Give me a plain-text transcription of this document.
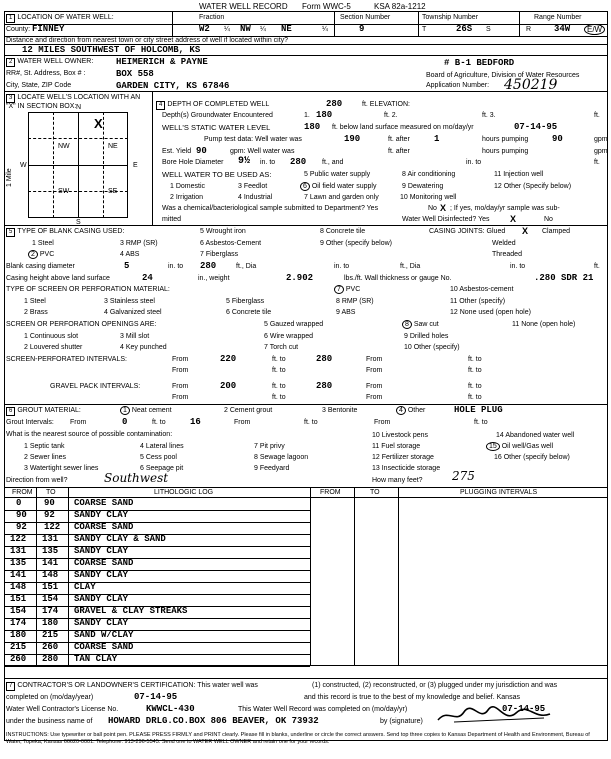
WATER WELL RECORD Form WWC-5	KSA 82a-1212
1 LOCATION OF WATER WELL:
County: FINNEY
Fraction
W2 ¼ NW ¼ NE	¼
Section Number
9
Township Number
T	26S S
Range Number
R	34W	E/W
Distance and direction from nearest town or city street address of well if located within city?
12 MILES SOUTHWEST OF HOLCOMB, KS
2 WATER WELL OWNER:	HEIMERICH & PAYNE
RR#, St. Address, Box # :	BOX 558
City, State, ZIP Code	GARDEN CITY, KS 67846
# B-1 BEDFORD
Board of Agriculture, Division of Water Resources
Application Number: 450219
3 LOCATE WELL'S LOCATION WITH AN "X" IN SECTION BOX: N
S
E
W
NW	NE
SW	SE
X
1 Mile
4 DEPTH OF COMPLETED WELL	280	ft. ELEVATION:
Depth(s) Groundwater Encountered	1. 180	ft. 2.	ft. 3.	ft.
WELL'S STATIC WATER LEVEL	180 ft. below land surface measured on mo/day/yr	07-14-95
Pump test data: Well water was	190	ft. after	1	hours pumping	90	gpm
Est. Yield 90	gpm: Well water was	ft. after	hours pumping	gpm
Bore Hole Diameter 9½ in. to 280 ft., and	in. to	ft.
WELL WATER TO BE USED AS:
1 Domestic
2 Irrigation
3 Feedlot
4 Industrial
5 Public water supply
6 Oil field water supply
7 Lawn and garden only
8 Air conditioning
9 Dewatering
10 Monitoring well
11 Injection well
12 Other (Specify below)
Was a chemical/bacteriological sample submitted to Department? Yes	No X ; If yes, mo/day/yr sample was sub-
mitted	Water Well Disinfected? Yes X	No
5 TYPE OF BLANK CASING USED:
1 Steel
2 PVC
3 RMP (SR)
4 ABS
5 Wrought iron
6 Asbestos-Cement
7 Fiberglass
8 Concrete tile
9 Other (specify below)
CASING JOINTS: Glued X Clamped
Welded
Threaded
Blank casing diameter	5	in. to 280	ft., Dia	in. to	ft., Dia	in. to	ft.
Casing height above land surface	24	in., weight	2.902	lbs./ft. Wall thickness or gauge No.	.280 SDR 21
TYPE OF SCREEN OR PERFORATION MATERIAL:
1 Steel
2 Brass
3 Stainless steel
4 Galvanized steel
5 Fiberglass
6 Concrete tile
7 PVC
8 RMP (SR)
9 ABS
10 Asbestos-cement
11 Other (specify)
12 None used (open hole)
SCREEN OR PERFORATION OPENINGS ARE:
1 Continuous slot
2 Louvered shutter
3 Mill slot
4 Key punched
5 Gauzed wrapped
6 Wire wrapped
7 Torch cut
8 Saw cut
9 Drilled holes
10 Other (specify)
11 None (open hole)
SCREEN-PERFORATED INTERVALS:	From	220	ft. to	280	From	ft. to
From	ft. to	From	ft. to
GRAVEL PACK INTERVALS:	From	200	ft. to	280	From	ft. to
From	ft. to	From	ft. to
6 GROUT MATERIAL:	1 Neat cement	2 Cement grout	3 Bentonite	4 Other	HOLE PLUG
Grout Intervals: From	0	ft. to	16	From	ft. to	From	ft. to
What is the nearest source of possible contamination:
1 Septic tank
2 Sewer lines
3 Watertight sewer lines
4 Lateral lines
5 Cess pool
6 Seepage pit
7 Pit privy
8 Sewage lagoon
9 Feedyard
10 Livestock pens
11 Fuel storage
12 Fertilizer storage
13 Insecticide storage
14 Abandoned water well
15 Oil well/Gas well
16 Other (specify below)
Direction from well?	Southwest	How many feet? 275
FROM TO	LITHOLOGIC LOG	FROM	TO	PLUGGING INTERVALS
0	90 COARSE SAND
90 92 SANDY CLAY
92 122 COARSE SAND
122 131 SANDY CLAY & SAND
131 135 SANDY CLAY
135 141 COARSE SAND
141 148 SANDY CLAY
148 151 CLAY
151 154 SANDY CLAY
154 174 GRAVEL & CLAY STREAKS
174 180 SANDY CLAY
180 215 SAND W/CLAY
215 260 COARSE SAND
260 280 TAN CLAY
7 CONTRACTOR'S OR LANDOWNER'S CERTIFICATION: This water well was	(1) constructed, (2) reconstructed, or (3) plugged under my jurisdiction and was
completed on (mo/day/year)	07-14-95	and this record is true to the best of my knowledge and belief. Kansas
Water Well Contractor's License No.	KWWCL-430	This Water Well Record was completed on (mo/day/yr)	07-14-95
under the business name of HOWARD DRLG.CO.BOX 806 BEAVER, OK 73932	by (signature)
INSTRUCTIONS: Use typewriter or ball point pen. PLEASE PRESS FIRMLY and PRINT clearly. Please fill in blanks, underline or circle the correct answers. Send top three copies to Kansas Department of Health and Environment, Bureau of Water, Topeka, Kansas 66620-0001. Telephone: 913-296-5545. Send one to WATER WELL OWNER and retain one for your records.
